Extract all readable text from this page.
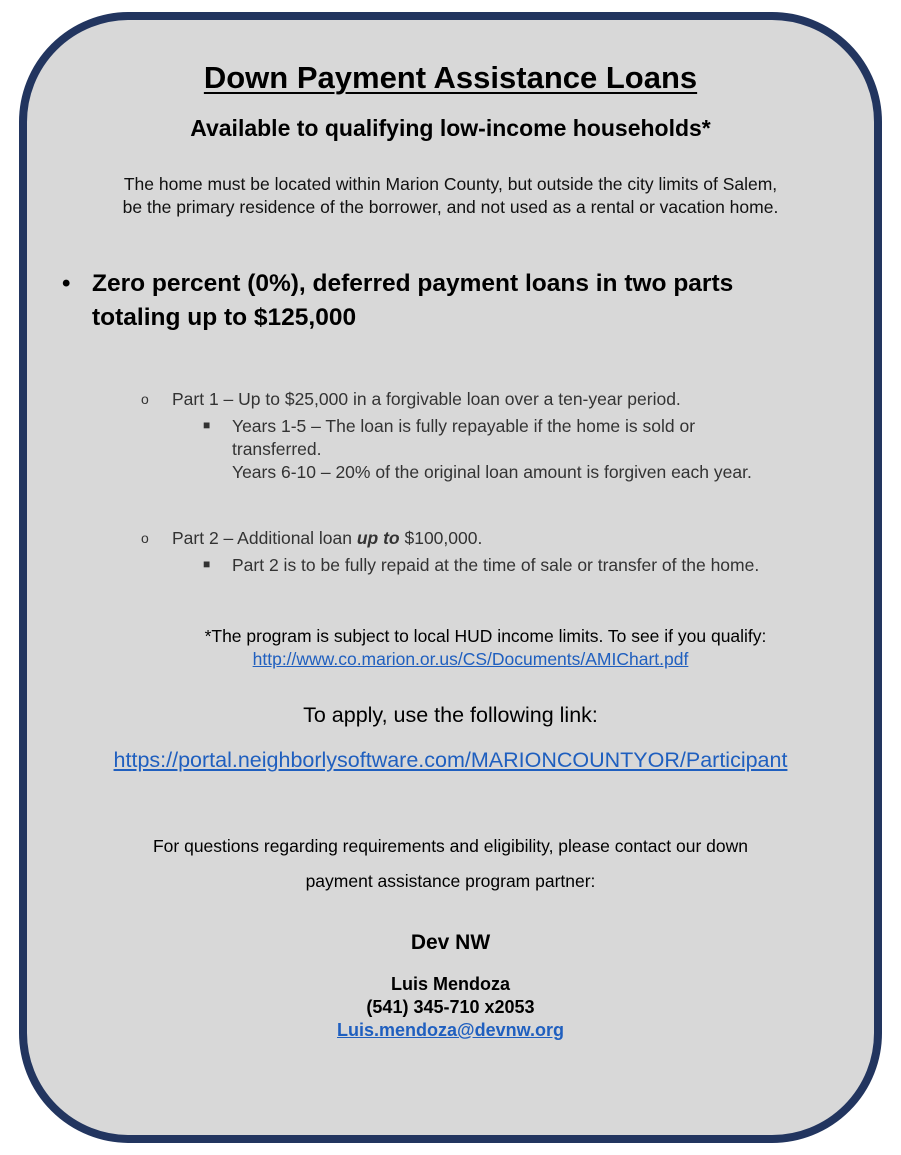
Down Payment Assistance Loans
Available to qualifying low-income households*
The home must be located within Marion County, but outside the city limits of Salem,
be the primary residence of the borrower, and not used as a rental or vacation home.
• Zero percent (0%), deferred payment loans in two parts
totaling up to $125,000
o Part 1 – Up to $25,000 in a forgivable loan over a ten-year period.
■ Years 1-5 – The loan is fully repayable if the home is sold or
transferred.
Years 6-10 – 20% of the original loan amount is forgiven each year.
o Part 2 – Additional loan up to $100,000.
■ Part 2 is to be fully repaid at the time of sale or transfer of the home.
*The program is subject to local HUD income limits. To see if you qualify:
http://www.co.marion.or.us/CS/Documents/AMIChart.pdf
To apply, use the following link:
https://portal.neighborlysoftware.com/MARIONCOUNTYOR/Participant
For questions regarding requirements and eligibility, please contact our down
payment assistance program partner:
Dev NW
Luis Mendoza
(541) 345-710 x2053
Luis.mendoza@devnw.org
